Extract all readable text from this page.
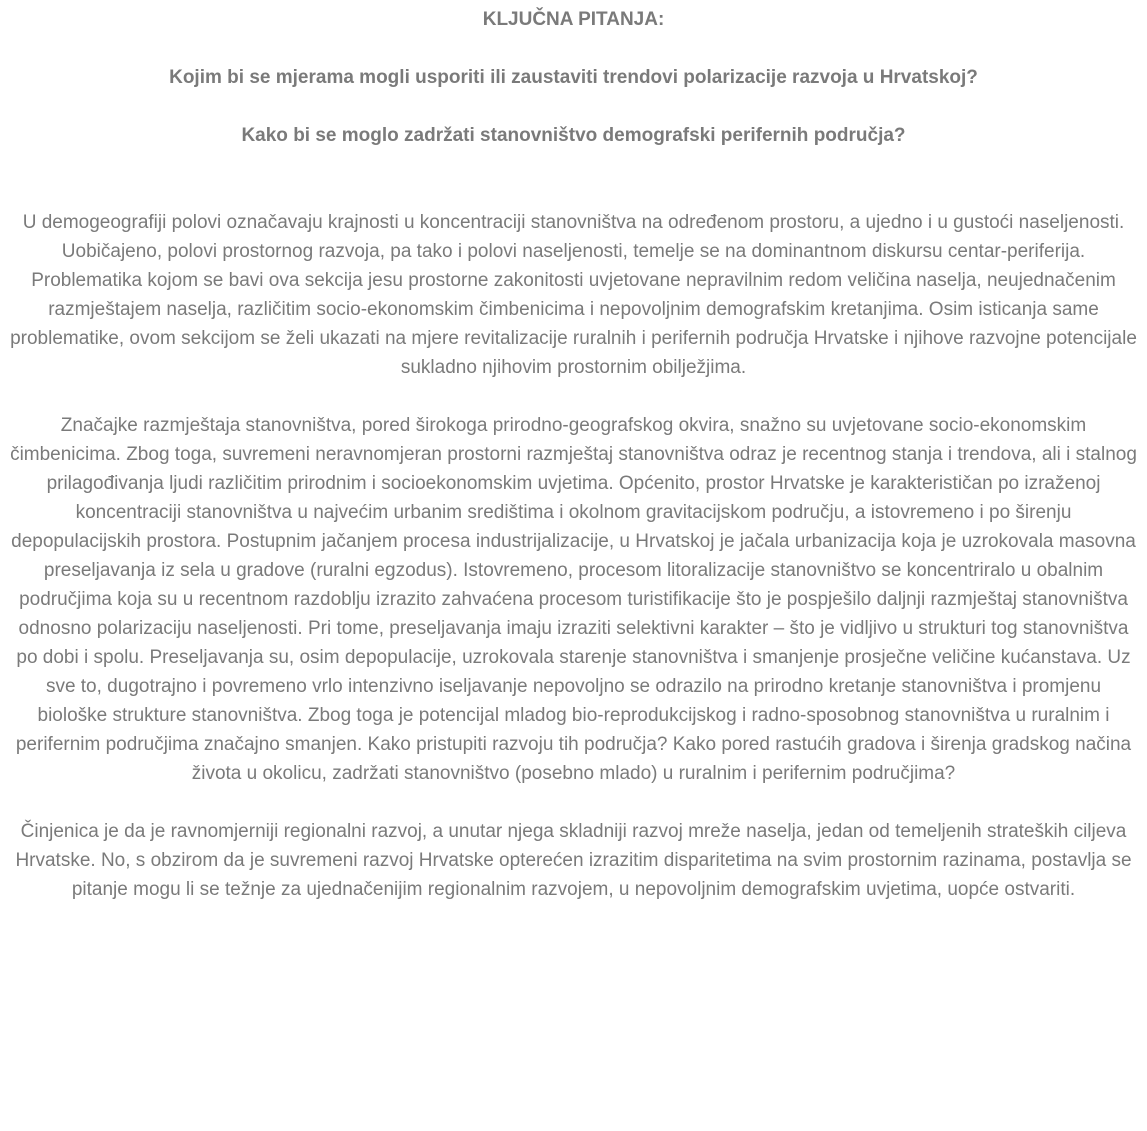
KLJUČNA PITANJA:

Kojim bi se mjerama mogli usporiti ili zaustaviti trendovi polarizacije razvoja u Hrvatskoj?

Kako bi se moglo zadržati stanovništvo demografski perifernih područja?

U demogeografiji polovi označavaju krajnosti u koncentraciji stanovništva na određenom prostoru, a ujedno i u gustoći naseljenosti. Uobičajeno, polovi prostornog razvoja, pa tako i polovi naseljenosti, temelje se na dominantnom diskursu centar-periferija. Problematika kojom se bavi ova sekcija jesu prostorne zakonitosti uvjetovane nepravilnim redom veličina naselja, neujednačenim razmještajem naselja, različitim socio-ekonomskim čimbenicima i nepovoljnim demografskim kretanjima. Osim isticanja same problematike, ovom sekcijom se želi ukazati na mjere revitalizacije ruralnih i perifernih područja Hrvatske i njihove razvojne potencijale sukladno njihovim prostornim obilježjima.

Značajke razmještaja stanovništva, pored širokoga prirodno-geografskog okvira, snažno su uvjetovane socio-ekonomskim čimbenicima. Zbog toga, suvremeni neravnomjeran prostorni razmještaj stanovništva odraz je recentnog stanja i trendova, ali i stalnog prilagođivanja ljudi različitim prirodnim i socioekonomskim uvjetima. Općenito, prostor Hrvatske je karakterističan po izraženoj koncentraciji stanovništva u najvećim urbanim središtima i okolnom gravitacijskom području, a istovremeno i po širenju depopulacijskih prostora. Postupnim jačanjem procesa industrijalizacije, u Hrvatskoj je jačala urbanizacija koja je uzrokovala masovna preseljavanja iz sela u gradove (ruralni egzodus). Istovremeno, procesom litoralizacije stanovništvo se koncentriralo u obalnim područjima koja su u recentnom razdoblju izrazito zahvaćena procesom turistifikacije što je pospješilo daljnji razmještaj stanovništva odnosno polarizaciju naseljenosti. Pri tome, preseljavanja imaju izraziti selektivni karakter – što je vidljivo u strukturi tog stanovništva po dobi i spolu. Preseljavanja su, osim depopulacije, uzrokovala starenje stanovništva i smanjenje prosječne veličine kućanstava. Uz sve to, dugotrajno i povremeno vrlo intenzivno iseljavanje nepovoljno se odrazilo na prirodno kretanje stanovništva i promjenu biološke strukture stanovništva. Zbog toga je potencijal mladog bio-reprodukcijskog i radno-sposobnog stanovništva u ruralnim i perifernim područjima značajno smanjen. Kako pristupiti razvoju tih područja? Kako pored rastućih gradova i širenja gradskog načina života u okolicu, zadržati stanovništvo (posebno mlado) u ruralnim i perifernim područjima?

Činjenica je da je ravnomjerniji regionalni razvoj, a unutar njega skladniji razvoj mreže naselja, jedan od temeljenih strateških ciljeva Hrvatske. No, s obzirom da je suvremeni razvoj Hrvatske opterećen izrazitim disparitetima na svim prostornim razinama, postavlja se pitanje mogu li se težnje za ujednačenijim regionalnim razvojem, u nepovoljnim demografskim uvjetima, uopće ostvariti.
